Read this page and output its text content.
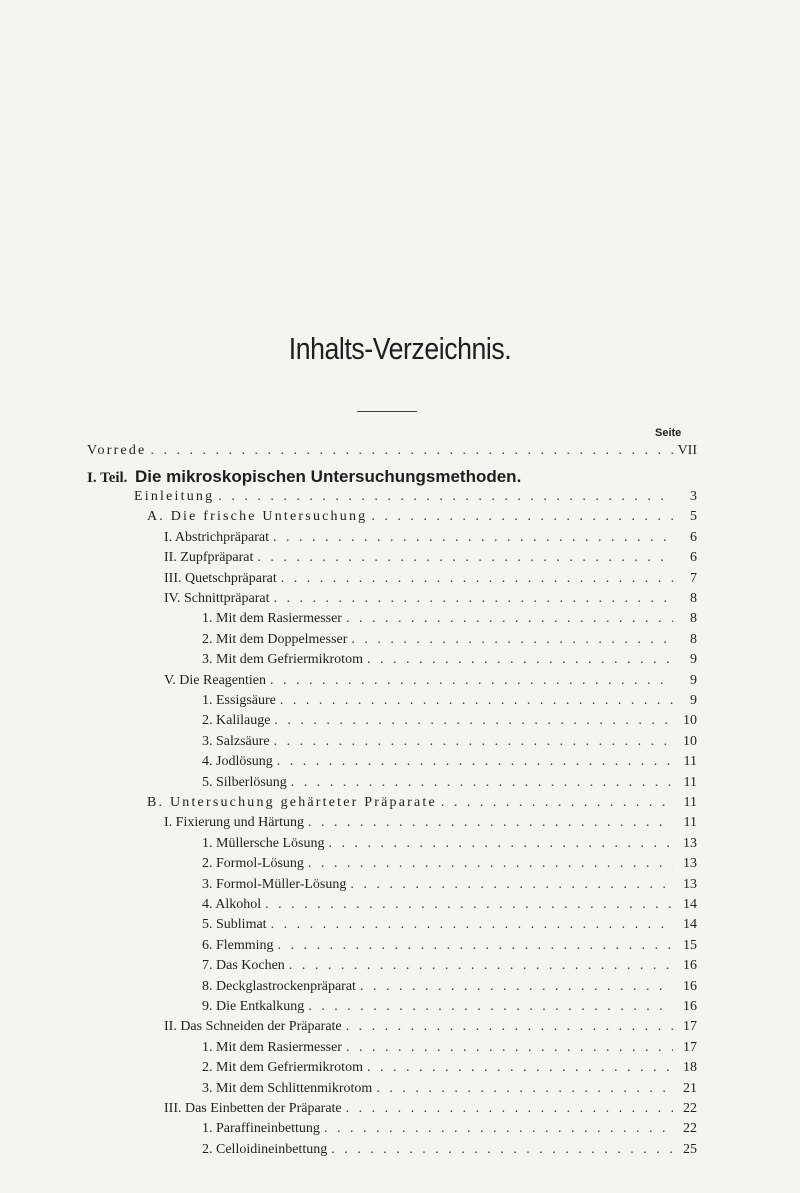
Inhalts-Verzeichnis.
Seite
Vorrede . . .	VII
I. Teil.
Die mikroskopischen Untersuchungsmethoden.
Einleitung . . .	3
A. Die frische Untersuchung . . .	5
I. Abstrichpräparat . . .	6
II. Zupfpräparat . . .	6
III. Quetschpräparat . . .	7
IV. Schnittpräparat . . .	8
1. Mit dem Rasiermesser . . .	8
2. Mit dem Doppelmesser . . .	8
3. Mit dem Gefriermikrotom . . .	9
V. Die Reagentien . . .	9
1. Essigsäure . . .	9
2. Kalilauge . . .	10
3. Salzsäure . . .	10
4. Jodlösung . . .	11
5. Silberlösung . . .	11
B. Untersuchung gehärteter Präparate . . .	11
I. Fixierung und Härtung . . .	11
1. Müllersche Lösung . . .	13
2. Formol-Lösung . . .	13
3. Formol-Müller-Lösung . . .	13
4. Alkohol . . .	14
5. Sublimat . . .	14
6. Flemming . . .	15
7. Das Kochen . . .	16
8. Deckglastrockenpräparat . . .	16
9. Die Entkalkung . . .	16
II. Das Schneiden der Präparate . . .	17
1. Mit dem Rasiermesser . . .	17
2. Mit dem Gefriermikrotom . . .	18
3. Mit dem Schlittenmikrotom . . .	21
III. Das Einbetten der Präparate . . .	22
1. Paraffineinbettung . . .	22
2. Celloidineinbettung . . .	25
